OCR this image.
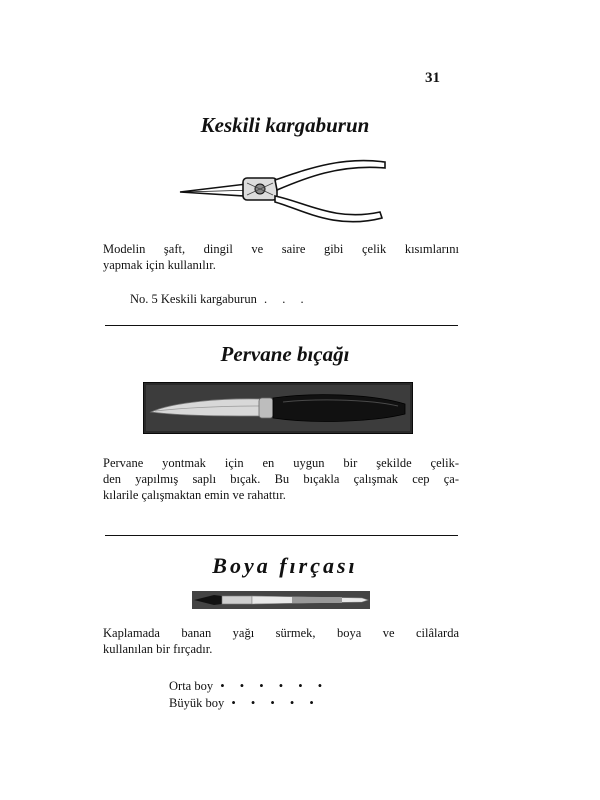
31
Keskili kargaburun
Modelin şaft, dingil ve saire gibi çelik kısımlarını
yapmak için kullanılır.
No. 5 Keskili kargaburun . . .
Pervane bıçağı
Pervane yontmak için en uygun bir şekilde çelik-
den yapılmış saplı bıçak. Bu bıçakla çalışmak cep ça-
kılarile çalışmaktan emin ve rahattır.
Boya fırçası
Kaplamada banan yağı sürmek, boya ve cilâlarda
kullanılan bir fırçadır.
Orta boy • • • • • •
Büyük boy • • • • •
